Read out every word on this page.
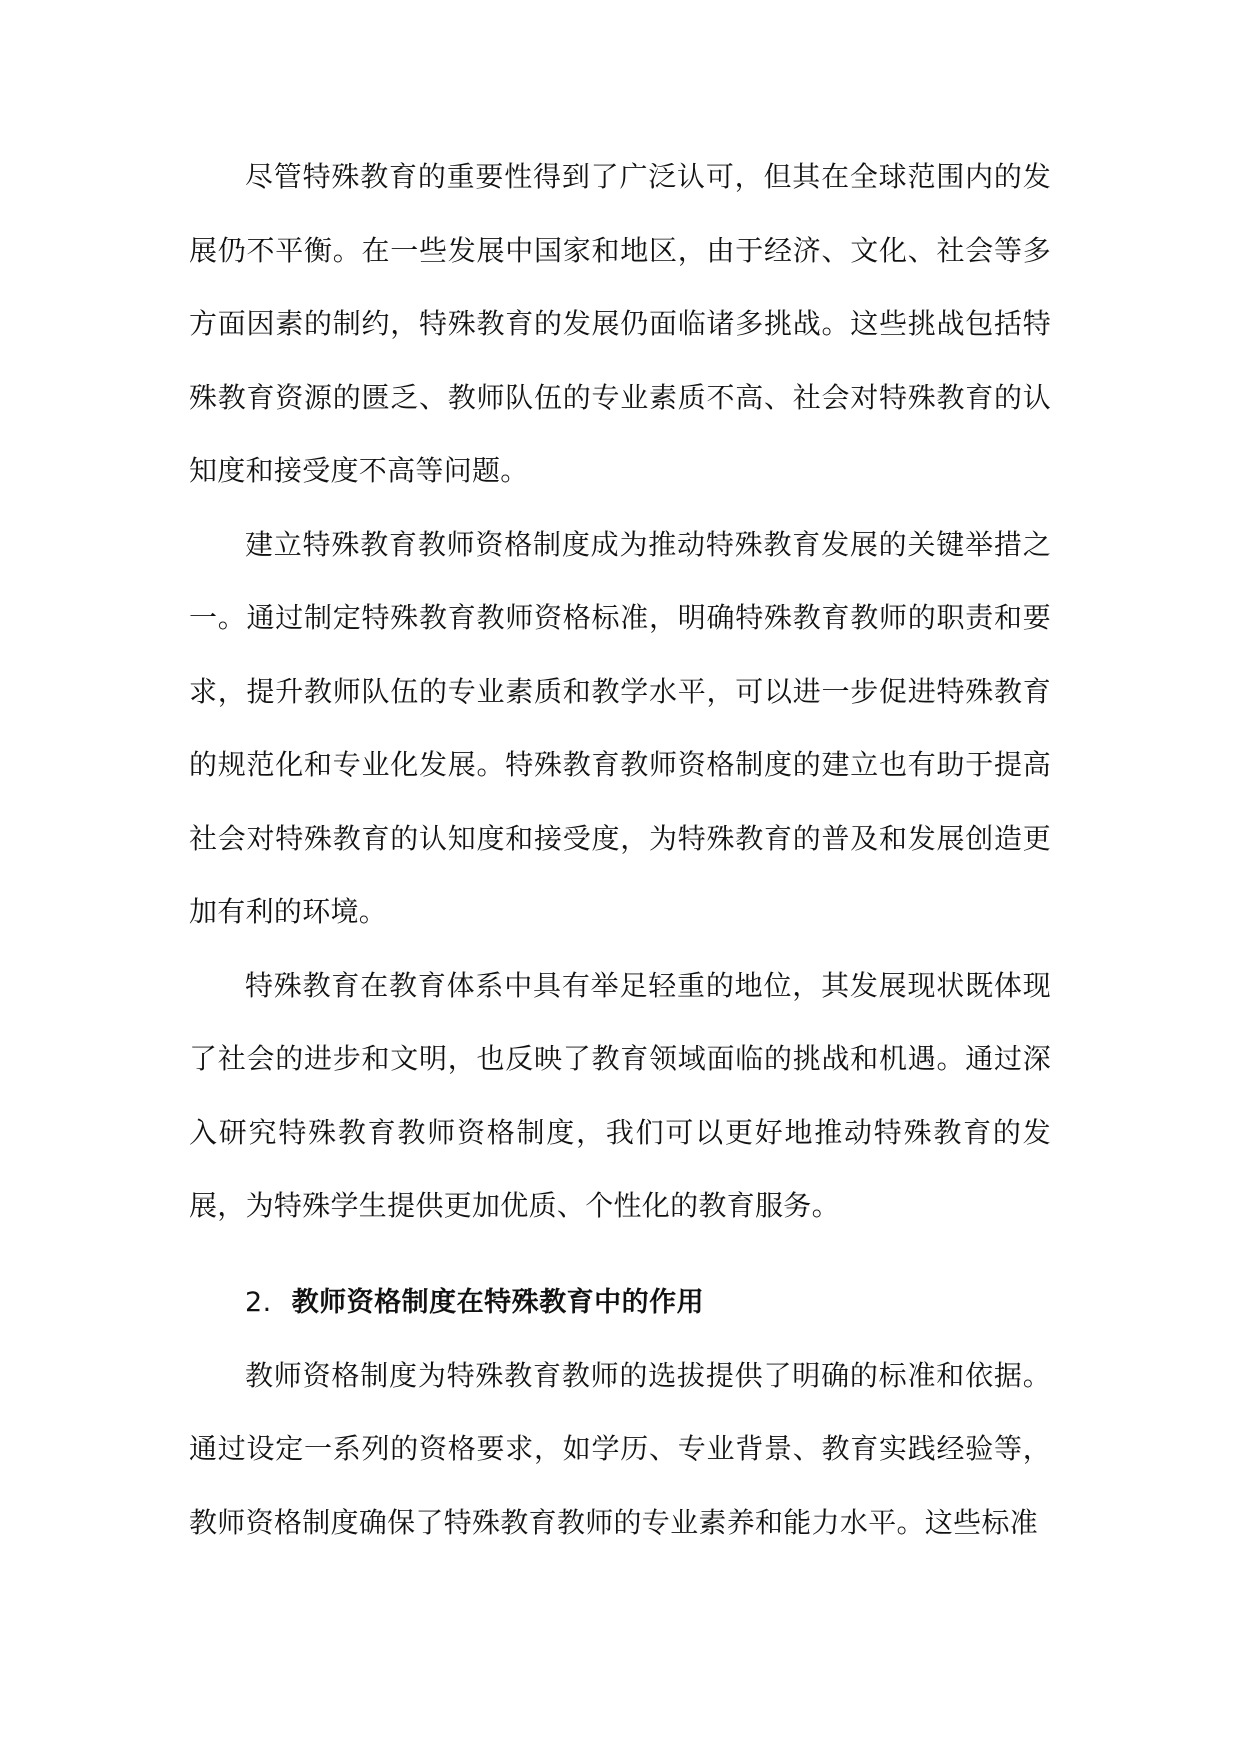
尽管特殊教育的重要性得到了广泛认可，但其在全球范围内的发展仍不平衡。在一些发展中国家和地区，由于经济、文化、社会等多方面因素的制约，特殊教育的发展仍面临诸多挑战。这些挑战包括特殊教育资源的匮乏、教师队伍的专业素质不高、社会对特殊教育的认知度和接受度不高等问题。

建立特殊教育教师资格制度成为推动特殊教育发展的关键举措之一。通过制定特殊教育教师资格标准，明确特殊教育教师的职责和要求，提升教师队伍的专业素质和教学水平，可以进一步促进特殊教育的规范化和专业化发展。特殊教育教师资格制度的建立也有助于提高社会对特殊教育的认知度和接受度，为特殊教育的普及和发展创造更加有利的环境。

特殊教育在教育体系中具有举足轻重的地位，其发展现状既体现了社会的进步和文明，也反映了教育领域面临的挑战和机遇。通过深入研究特殊教育教师资格制度，我们可以更好地推动特殊教育的发展，为特殊学生提供更加优质、个性化的教育服务。

2. 教师资格制度在特殊教育中的作用

教师资格制度为特殊教育教师的选拔提供了明确的标准和依据。通过设定一系列的资格要求，如学历、专业背景、教育实践经验等，教师资格制度确保了特殊教育教师的专业素养和能力水平。这些标准
